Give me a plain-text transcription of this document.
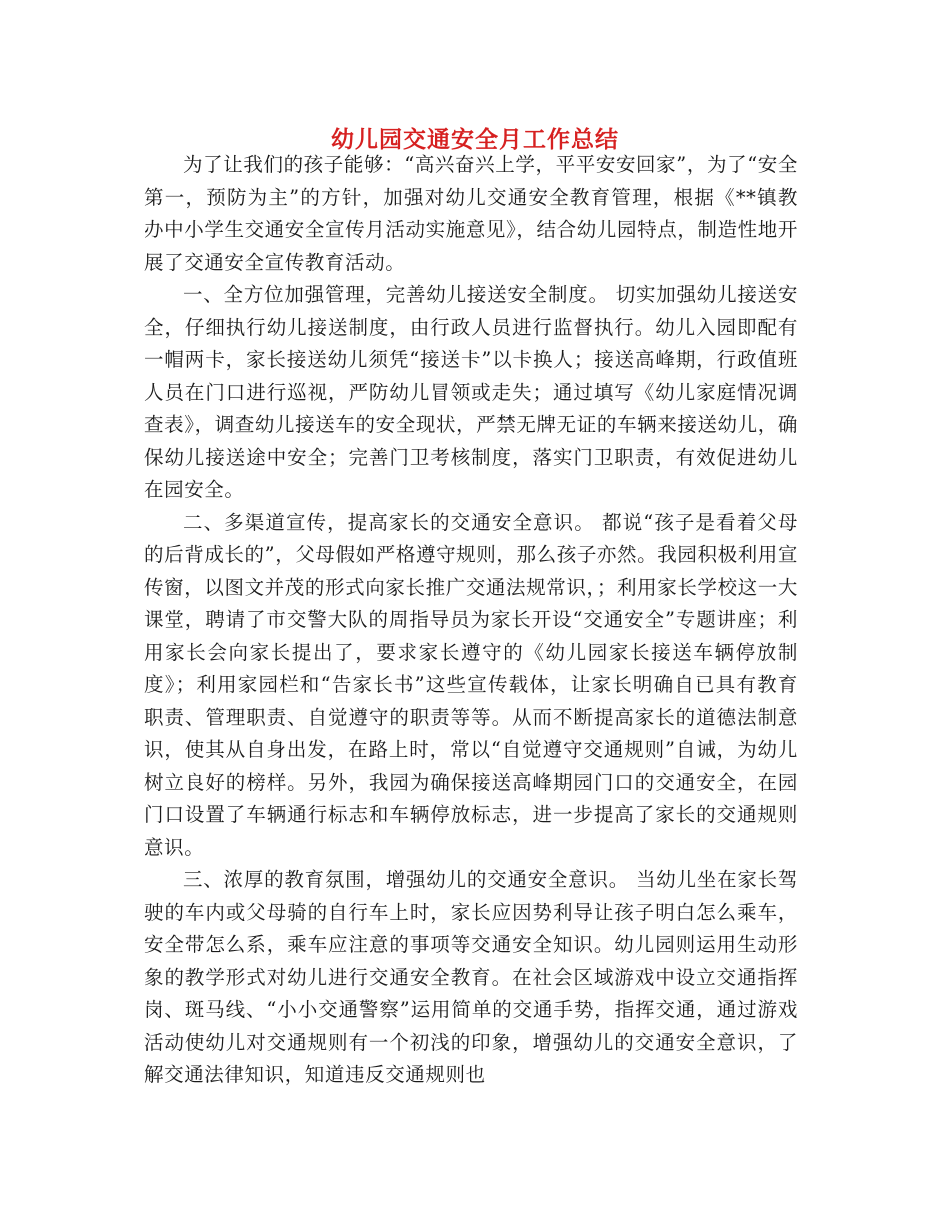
幼儿园交通安全月工作总结

为了让我们的孩子能够：“高兴奋兴上学，平平安安回家”，为了“安全第一，预防为主”的方针，加强对幼儿交通安全教育管理，根据《**镇教办中小学生交通安全宣传月活动实施意见》，结合幼儿园特点，制造性地开展了交通安全宣传教育活动。

一、全方位加强管理，完善幼儿接送安全制度。 切实加强幼儿接送安全，仔细执行幼儿接送制度，由行政人员进行监督执行。幼儿入园即配有一帽两卡，家长接送幼儿须凭“接送卡”以卡换人；接送高峰期，行政值班人员在门口进行巡视，严防幼儿冒领或走失；通过填写《幼儿家庭情况调查表》，调查幼儿接送车的安全现状，严禁无牌无证的车辆来接送幼儿，确保幼儿接送途中安全；完善门卫考核制度，落实门卫职责，有效促进幼儿在园安全。

二、多渠道宣传，提高家长的交通安全意识。 都说“孩子是看着父母的后背成长的”，父母假如严格遵守规则，那么孩子亦然。我园积极利用宣传窗，以图文并茂的形式向家长推广交通法规常识，；利用家长学校这一大课堂，聘请了市交警大队的周指导员为家长开设“交通安全”专题讲座；利用家长会向家长提出了，要求家长遵守的《幼儿园家长接送车辆停放制度》；利用家园栏和“告家长书”这些宣传载体，让家长明确自已具有教育职责、管理职责、自觉遵守的职责等等。从而不断提高家长的道德法制意识，使其从自身出发，在路上时，常以“自觉遵守交通规则”自诫，为幼儿树立良好的榜样。另外，我园为确保接送高峰期园门口的交通安全，在园门口设置了车辆通行标志和车辆停放标志，进一步提高了家长的交通规则意识。

三、浓厚的教育氛围，增强幼儿的交通安全意识。 当幼儿坐在家长驾驶的车内或父母骑的自行车上时，家长应因势利导让孩子明白怎么乘车，安全带怎么系，乘车应注意的事项等交通安全知识。幼儿园则运用生动形象的教学形式对幼儿进行交通安全教育。在社会区域游戏中设立交通指挥岗、斑马线、“小小交通警察”运用简单的交通手势，指挥交通，通过游戏活动使幼儿对交通规则有一个初浅的印象，增强幼儿的交通安全意识，了解交通法律知识，知道违反交通规则也
